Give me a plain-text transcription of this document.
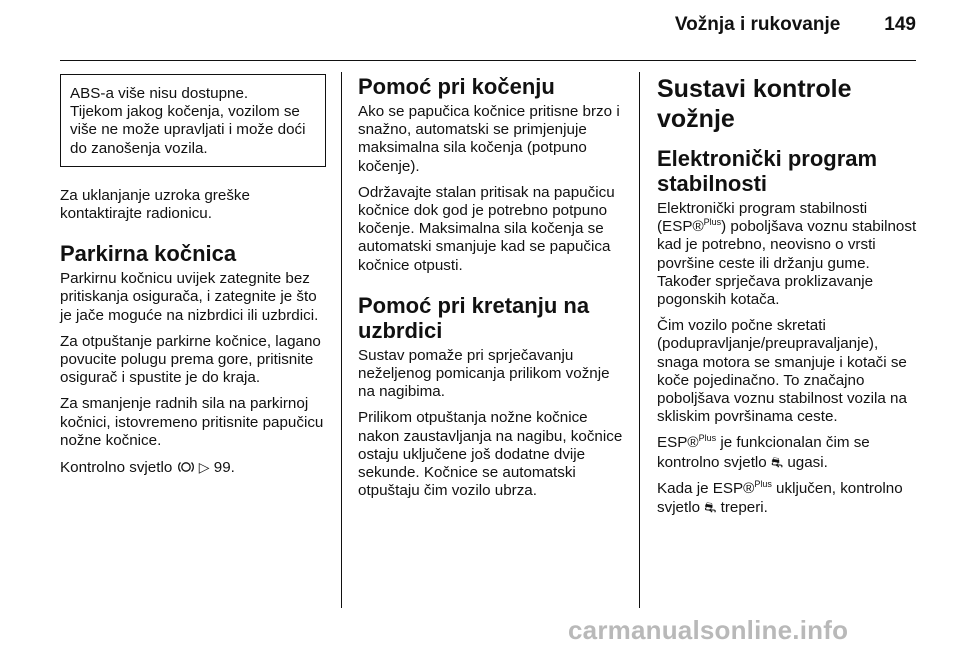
Vožnja i rukovanje 149

ABS-a više nisu dostupne.

Tijekom jakog kočenja, vozilom se više ne može upravljati i može doći do zanošenja vozila.

Za uklanjanje uzroka greške kontaktirajte radionicu.

Parkirna kočnica

Parkirnu kočnicu uvijek zategnite bez pritiskanja osigurača, i zategnite je što je jače moguće na nizbrdici ili uzbrdici.

Za otpuštanje parkirne kočnice, lagano povucite polugu prema gore, pritisnite osigurač i spustite je do kraja.

Za smanjenje radnih sila na parkirnoj kočnici, istovremeno pritisnite papučicu nožne kočnice.

Kontrolno svjetlo ▷ 99.

Pomoć pri kočenju

Ako se papučica kočnice pritisne brzo i snažno, automatski se primjenjuje maksimalna sila kočenja (potpuno kočenje).

Održavajte stalan pritisak na papučicu kočnice dok god je potrebno potpuno kočenje. Maksimalna sila kočenja se automatski smanjuje kad se papučica kočnice otpusti.

Pomoć pri kretanju na uzbrdici

Sustav pomaže pri sprječavanju neželjenog pomicanja prilikom vožnje na nagibima.

Prilikom otpuštanja nožne kočnice nakon zaustavljanja na nagibu, kočnice ostaju uključene još dodatne dvije sekunde. Kočnice se automatski otpuštaju čim vozilo ubrza.

Sustavi kontrole vožnje
Elektronički program stabilnosti

Elektronički program stabilnosti (ESP®$^{Plus}$) poboljšava voznu stabilnost kad je potrebno, neovisno o vrsti površine ceste ili držanju gume. Također sprječava proklizavanje pogonskih kotača.

Čim vozilo počne skretati (podupravljanje/preupravaljanje), snaga motora se smanjuje i kotači se koče pojedinačno. To značajno poboljšava voznu stabilnost vozila na skliskim površinama ceste.

ESP®$^{Plus}$ je funkcionalan čim se kontrolno svjetlo ⛐ ugasi.

Kada je ESP®$^{Plus}$ uključen, kontrolno svjetlo ⛐ treperi.

carmanualsonline.info
